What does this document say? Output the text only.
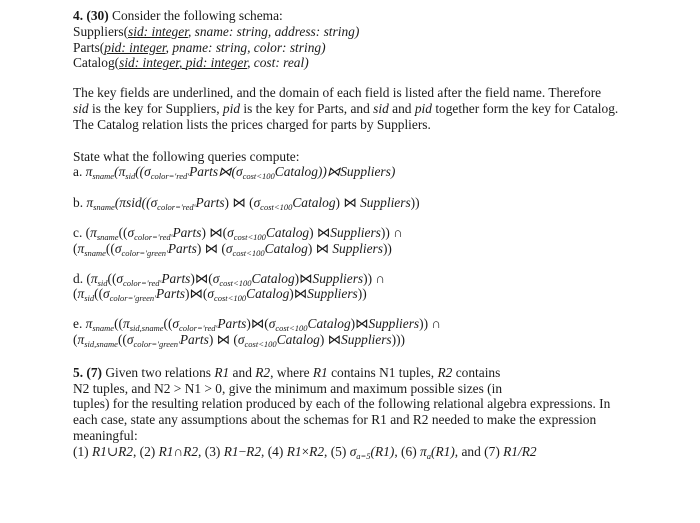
4. (30) Consider the following schema:
Suppliers(sid: integer, sname: string, address: string)
Parts(pid: integer, pname: string, color: string)
Catalog(sid: integer, pid: integer, cost: real)
The key fields are underlined, and the domain of each field is listed after the field name. Therefore
sid is the key for Suppliers, pid is the key for Parts, and sid and pid together form the key for Catalog.
The Catalog relation lists the prices charged for parts by Suppliers.
State what the following queries compute:
a. $\pi_{sname}(\pi_{sid}((\sigma_{color='red'}Parts⋈(\sigma_{cost<100}Catalog))⋈Suppliers)$
b. $\pi_{sname}(\pi sid((\sigma_{color='red'}Parts)$ ⋈ $(\sigma_{cost<100}Catalog)$ ⋈ Suppliers))
c. ($\pi_{sname}((\sigma_{color='red'}Parts)$ $⋈(\sigma_{cost<100}Catalog)$ ⋈Suppliers)) ∩
($\pi_{sname}((\sigma_{color='green'}Parts)$ ⋈ $(\sigma_{cost<100}Catalog)$ ⋈ Suppliers))
d. $(\pi_{sid}((\sigma_{color='red'}Parts)⋈(\sigma_{cost<100}Catalog)⋈Suppliers))$ ∩
$(\pi_{sid}((\sigma_{color='green'}Parts)⋈(\sigma_{cost<100}Catalog)⋈Suppliers))$
e. $\pi_{sname}((\pi_{sid,sname}((\sigma_{color='red'}Parts)⋈(\sigma_{cost<100}Catalog)⋈Suppliers))$ ∩
($\pi_{sid,sname}((\sigma_{color='green'}Parts)$ ⋈ $(\sigma_{cost<100}Catalog)$ ⋈Suppliers)))
5. (7) Given two relations R1 and R2, where R1 contains N1 tuples, R2 contains
N2 tuples, and N2 > N1 > 0, give the minimum and maximum possible sizes (in
tuples) for the resulting relation produced by each of the following relational algebra expressions. In
each case, state any assumptions about the schemas for R1 and R2 needed to make the expression
meaningful:
(1) R1∪R2, (2) R1∩R2, (3) R1−R2, (4) R1×R2, (5) $\sigma_{a=5}(R1)$, (6) $\pi_a(R1)$, and (7) R1/R2
